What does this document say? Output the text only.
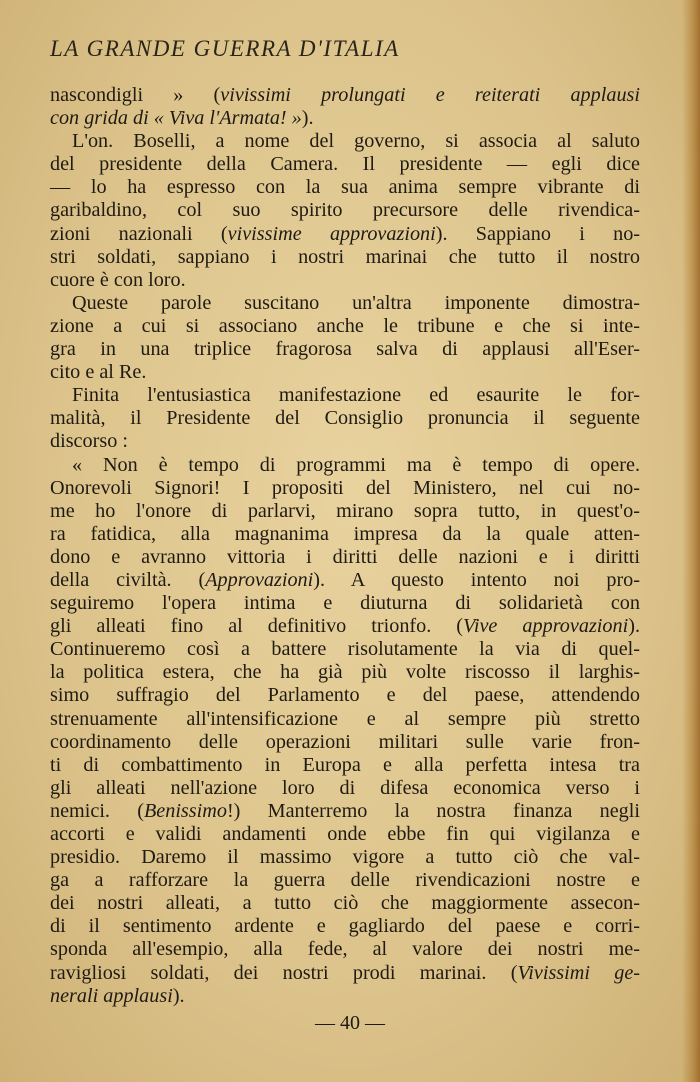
LA GRANDE GUERRA D'ITALIA
nascondigli » (vivissimi prolungati e reiterati applausi
con grida di « Viva l'Armata! »).
L'on. Boselli, a nome del governo, si associa al saluto
del presidente della Camera. Il presidente — egli dice
— lo ha espresso con la sua anima sempre vibrante di
garibaldino, col suo spirito precursore delle rivendica-
zioni nazionali (vivissime approvazioni). Sappiano i no-
stri soldati, sappiano i nostri marinai che tutto il nostro
cuore è con loro.
Queste parole suscitano un'altra imponente dimostra-
zione a cui si associano anche le tribune e che si inte-
gra in una triplice fragorosa salva di applausi all'Eser-
cito e al Re.
Finita l'entusiastica manifestazione ed esaurite le for-
malità, il Presidente del Consiglio pronuncia il seguente
discorso :
« Non è tempo di programmi ma è tempo di opere.
Onorevoli Signori! I propositi del Ministero, nel cui no-
me ho l'onore di parlarvi, mirano sopra tutto, in quest'o-
ra fatidica, alla magnanima impresa da la quale atten-
dono e avranno vittoria i diritti delle nazioni e i diritti
della civiltà. (Approvazioni). A questo intento noi pro-
seguiremo l'opera intima e diuturna di solidarietà con
gli alleati fino al definitivo trionfo. (Vive approvazioni).
Continueremo così a battere risolutamente la via di quel-
la politica estera, che ha già più volte riscosso il larghis-
simo suffragio del Parlamento e del paese, attendendo
strenuamente all'intensificazione e al sempre più stretto
coordinamento delle operazioni militari sulle varie fron-
ti di combattimento in Europa e alla perfetta intesa tra
gli alleati nell'azione loro di difesa economica verso i
nemici. (Benissimo!) Manterremo la nostra finanza negli
accorti e validi andamenti onde ebbe fin qui vigilanza e
presidio. Daremo il massimo vigore a tutto ciò che val-
ga a rafforzare la guerra delle rivendicazioni nostre e
dei nostri alleati, a tutto ciò che maggiormente assecon-
di il sentimento ardente e gagliardo del paese e corri-
sponda all'esempio, alla fede, al valore dei nostri me-
ravigliosi soldati, dei nostri prodi marinai. (Vivissimi ge-
nerali applausi).
— 40 —
